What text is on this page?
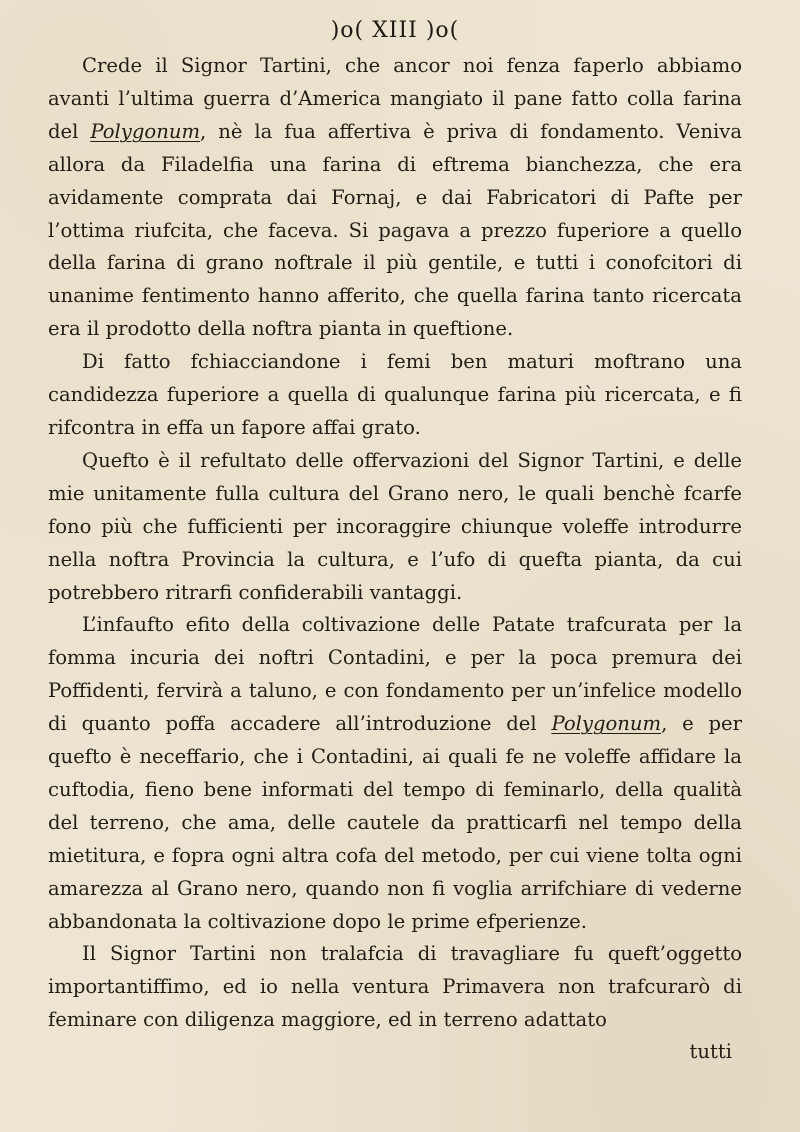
)o( XIII )o(

Crede il Signor Tartini, che ancor noi fenza faperlo abbiamo avanti l’ultima guerra d’America mangiato il pane fatto colla farina del Polygonum, nè la fua affertiva è priva di fondamento. Veniva allora da Filadelfia una farina di eftrema bianchezza, che era avidamente comprata dai Fornaj, e dai Fabricatori di Pafte per l’ottima riufcita, che faceva. Si pagava a prezzo fuperiore a quello della farina di grano noftrale il più gentile, e tutti i conofcitori di unanime fentimento hanno afferito, che quella farina tanto ricercata era il prodotto della noftra pianta in queftione.

Di fatto fchiacciandone i femi ben maturi moftrano una candidezza fuperiore a quella di qualunque farina più ricercata, e fi rifcontra in effa un fapore affai grato.

Quefto è il refultato delle offervazioni del Signor Tartini, e delle mie unitamente fulla cultura del Grano nero, le quali benchè fcarfe fono più che fufficienti per incoraggire chiunque voleffe introdurre nella noftra Provincia la cultura, e l’ufo di quefta pianta, da cui potrebbero ritrarfi confiderabili vantaggi.

L’infaufto efito della coltivazione delle Patate trafcurata per la fomma incuria dei noftri Contadini, e per la poca premura dei Poffidenti, fervirà a taluno, e con fondamento per un’infelice modello di quanto poffa accadere all’introduzione del Polygonum, e per quefto è neceffario, che i Contadini, ai quali fe ne voleffe affidare la cuftodia, fieno bene informati del tempo di feminarlo, della qualità del terreno, che ama, delle cautele da pratticarfi nel tempo della mietitura, e fopra ogni altra cofa del metodo, per cui viene tolta ogni amarezza al Grano nero, quando non fi voglia arrifchiare di vederne abbandonata la coltivazione dopo le prime efperienze.

Il Signor Tartini non tralafcia di travagliare fu queft’oggetto importantiffimo, ed io nella ventura Primavera non trafcurarò di feminare con diligenza maggiore, ed in terreno adattato

tutti
